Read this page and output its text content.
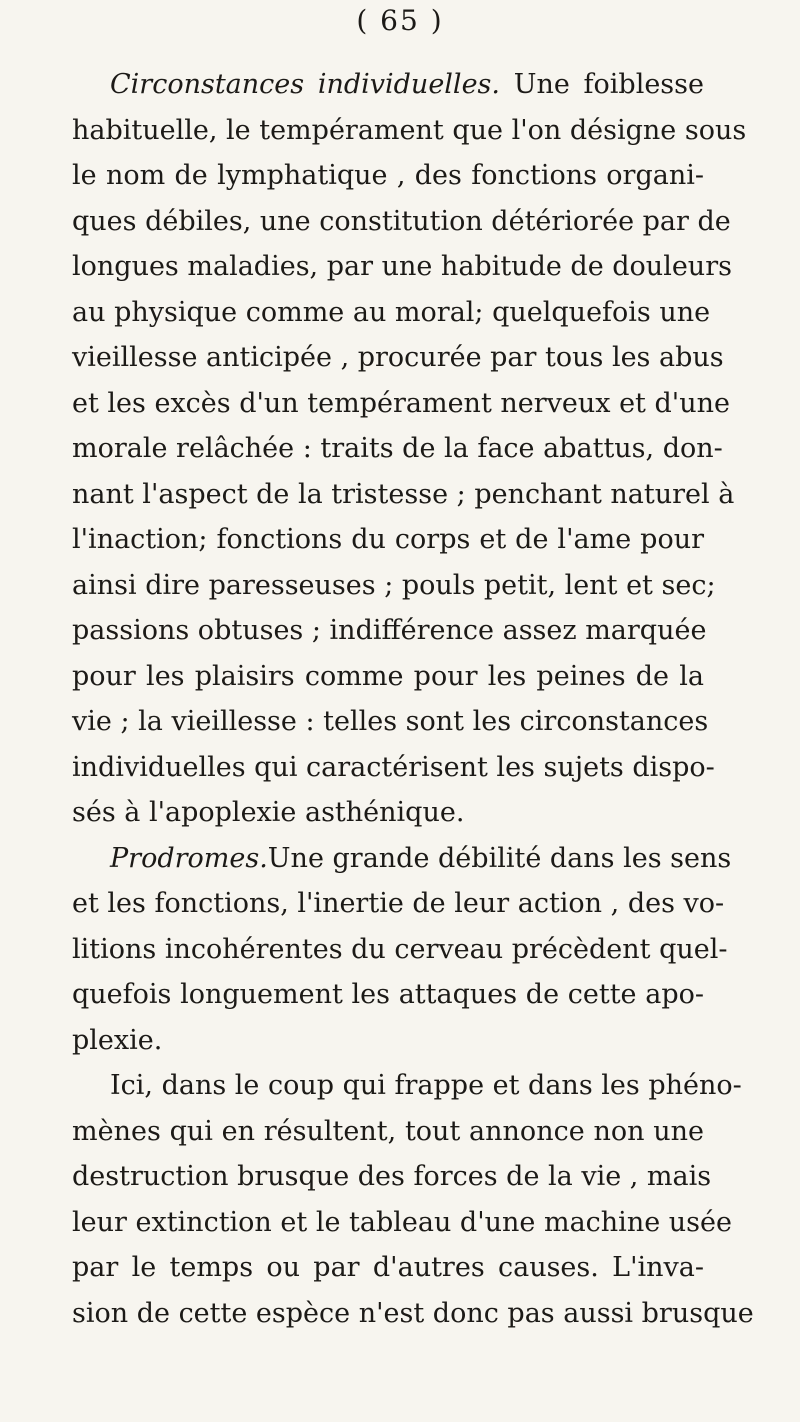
( 65 )
Circonstances individuelles. Une foiblesse
habituelle, le tempérament que l'on désigne sous
le nom de lymphatique , des fonctions organi-
ques débiles, une constitution détériorée par de
longues maladies, par une habitude de douleurs
au physique comme au moral; quelquefois une
vieillesse anticipée , procurée par tous les abus
et les excès d'un tempérament nerveux et d'une
morale relâchée : traits de la face abattus, don-
nant l'aspect de la tristesse ; penchant naturel à
l'inaction; fonctions du corps et de l'ame pour
ainsi dire paresseuses ; pouls petit, lent et sec;
passions obtuses ; indifférence assez marquée
pour les plaisirs comme pour les peines de la
vie ; la vieillesse : telles sont les circonstances
individuelles qui caractérisent les sujets dispo-
sés à l'apoplexie asthénique.
Prodromes.Une grande débilité dans les sens
et les fonctions, l'inertie de leur action , des vo-
litions incohérentes du cerveau précèdent quel-
quefois longuement les attaques de cette apo-
plexie.
Ici, dans le coup qui frappe et dans les phéno-
mènes qui en résultent, tout annonce non une
destruction brusque des forces de la vie , mais
leur extinction et le tableau d'une machine usée
par le temps ou par d'autres causes. L'inva-
sion de cette espèce n'est donc pas aussi brusque
